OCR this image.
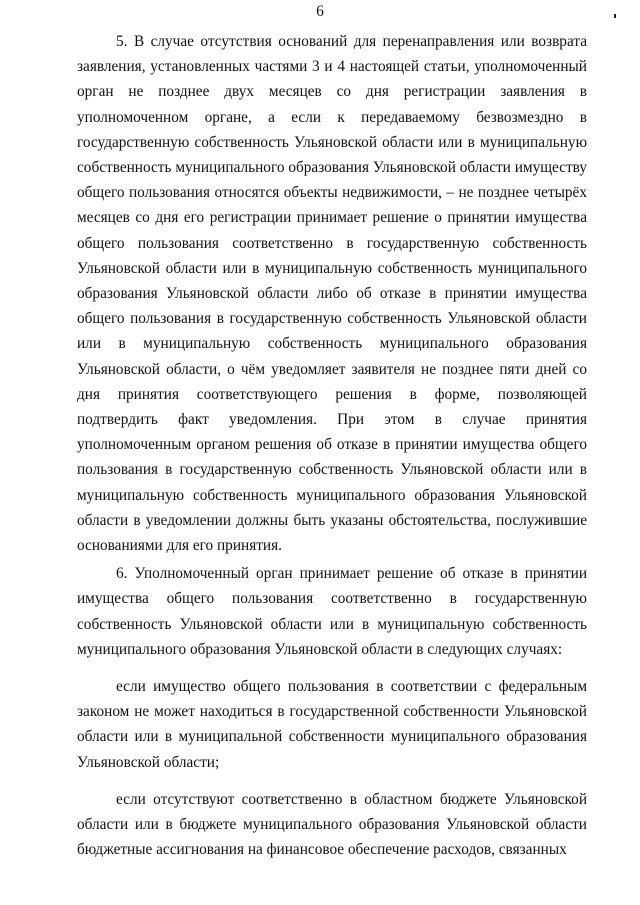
6

5. В случае отсутствия оснований для перенаправления или возврата заявления, установленных частями 3 и 4 настоящей статьи, уполномоченный орган не позднее двух месяцев со дня регистрации заявления в уполномоченном органе, а если к передаваемому безвозмездно в государственную собственность Ульяновской области или в муниципальную собственность муниципального образования Ульяновской области имуществу общего пользования относятся объекты недвижимости, – не позднее четырёх месяцев со дня его регистрации принимает решение о принятии имущества общего пользования соответственно в государственную собственность Ульяновской области или в муниципальную собственность муниципального образования Ульяновской области либо об отказе в принятии имущества общего пользования в государственную собственность Ульяновской области или в муниципальную собственность муниципального образования Ульяновской области, о чём уведомляет заявителя не позднее пяти дней со дня принятия соответствующего решения в форме, позволяющей подтвердить факт уведомления. При этом в случае принятия уполномоченным органом решения об отказе в принятии имущества общего пользования в государственную собственность Ульяновской области или в муниципальную собственность муниципального образования Ульяновской области в уведомлении должны быть указаны обстоятельства, послужившие основаниями для его принятия.

6. Уполномоченный орган принимает решение об отказе в принятии имущества общего пользования соответственно в государственную собственность Ульяновской области или в муниципальную собственность муниципального образования Ульяновской области в следующих случаях:

если имущество общего пользования в соответствии с федеральным законом не может находиться в государственной собственности Ульяновской области или в муниципальной собственности муниципального образования Ульяновской области;

если отсутствуют соответственно в областном бюджете Ульяновской области или в бюджете муниципального образования Ульяновской области бюджетные ассигнования на финансовое обеспечение расходов, связанных
